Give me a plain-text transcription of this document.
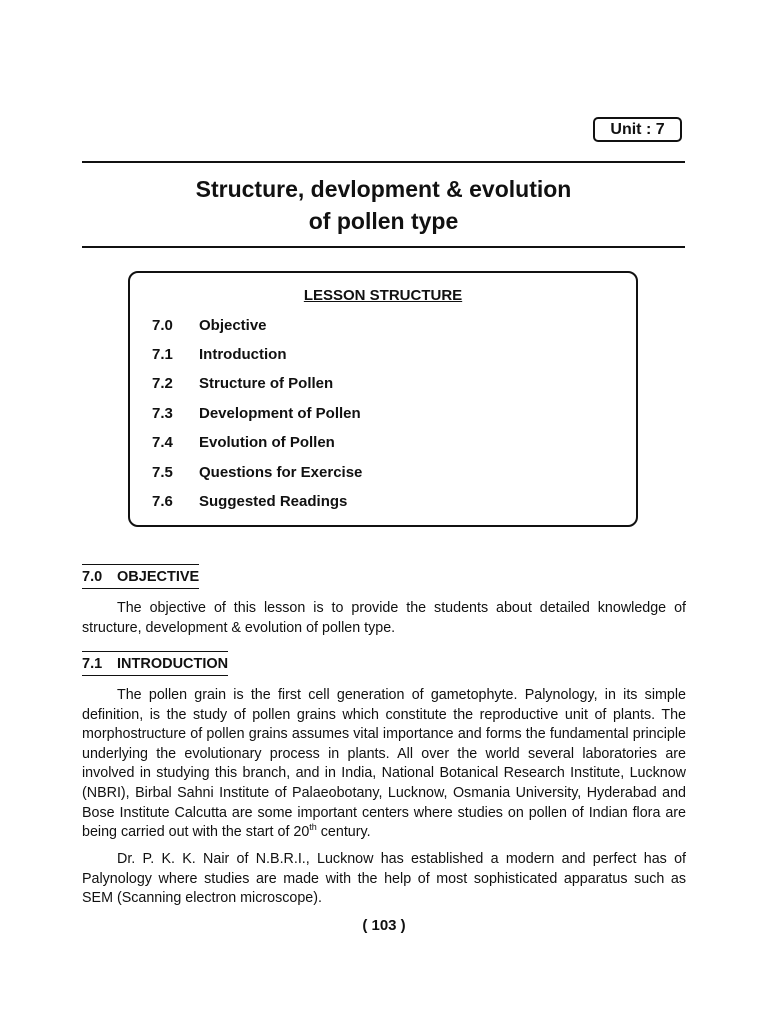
Unit : 7
Structure, devlopment & evolution
of pollen type
LESSON STRUCTURE
7.0 Objective
7.1 Introduction
7.2 Structure of Pollen
7.3 Development of Pollen
7.4 Evolution of Pollen
7.5 Questions for Exercise
7.6 Suggested Readings
7.0 OBJECTIVE
The objective of this lesson is to provide the students about detailed knowledge of structure, development & evolution of pollen type.
7.1 INTRODUCTION
The pollen grain is the first cell generation of gametophyte. Palynology, in its simple definition, is the study of pollen grains which constitute the reproductive unit of plants. The morphostructure of pollen grains assumes vital importance and forms the fundamental principle underlying the evolutionary process in plants. All over the world several laboratories are involved in studying this branch, and in India, National Botanical Research Institute, Lucknow (NBRI), Birbal Sahni Institute of Palaeobotany, Lucknow, Osmania University, Hyderabad and Bose Institute Calcutta are some important centers where studies on pollen of Indian flora are being carried out with the start of 20th century.
Dr. P. K. K. Nair of N.B.R.I., Lucknow has established a modern and perfect has of Palynology where studies are made with the help of most sophisticated apparatus such as SEM (Scanning electron microscope).
( 103 )
